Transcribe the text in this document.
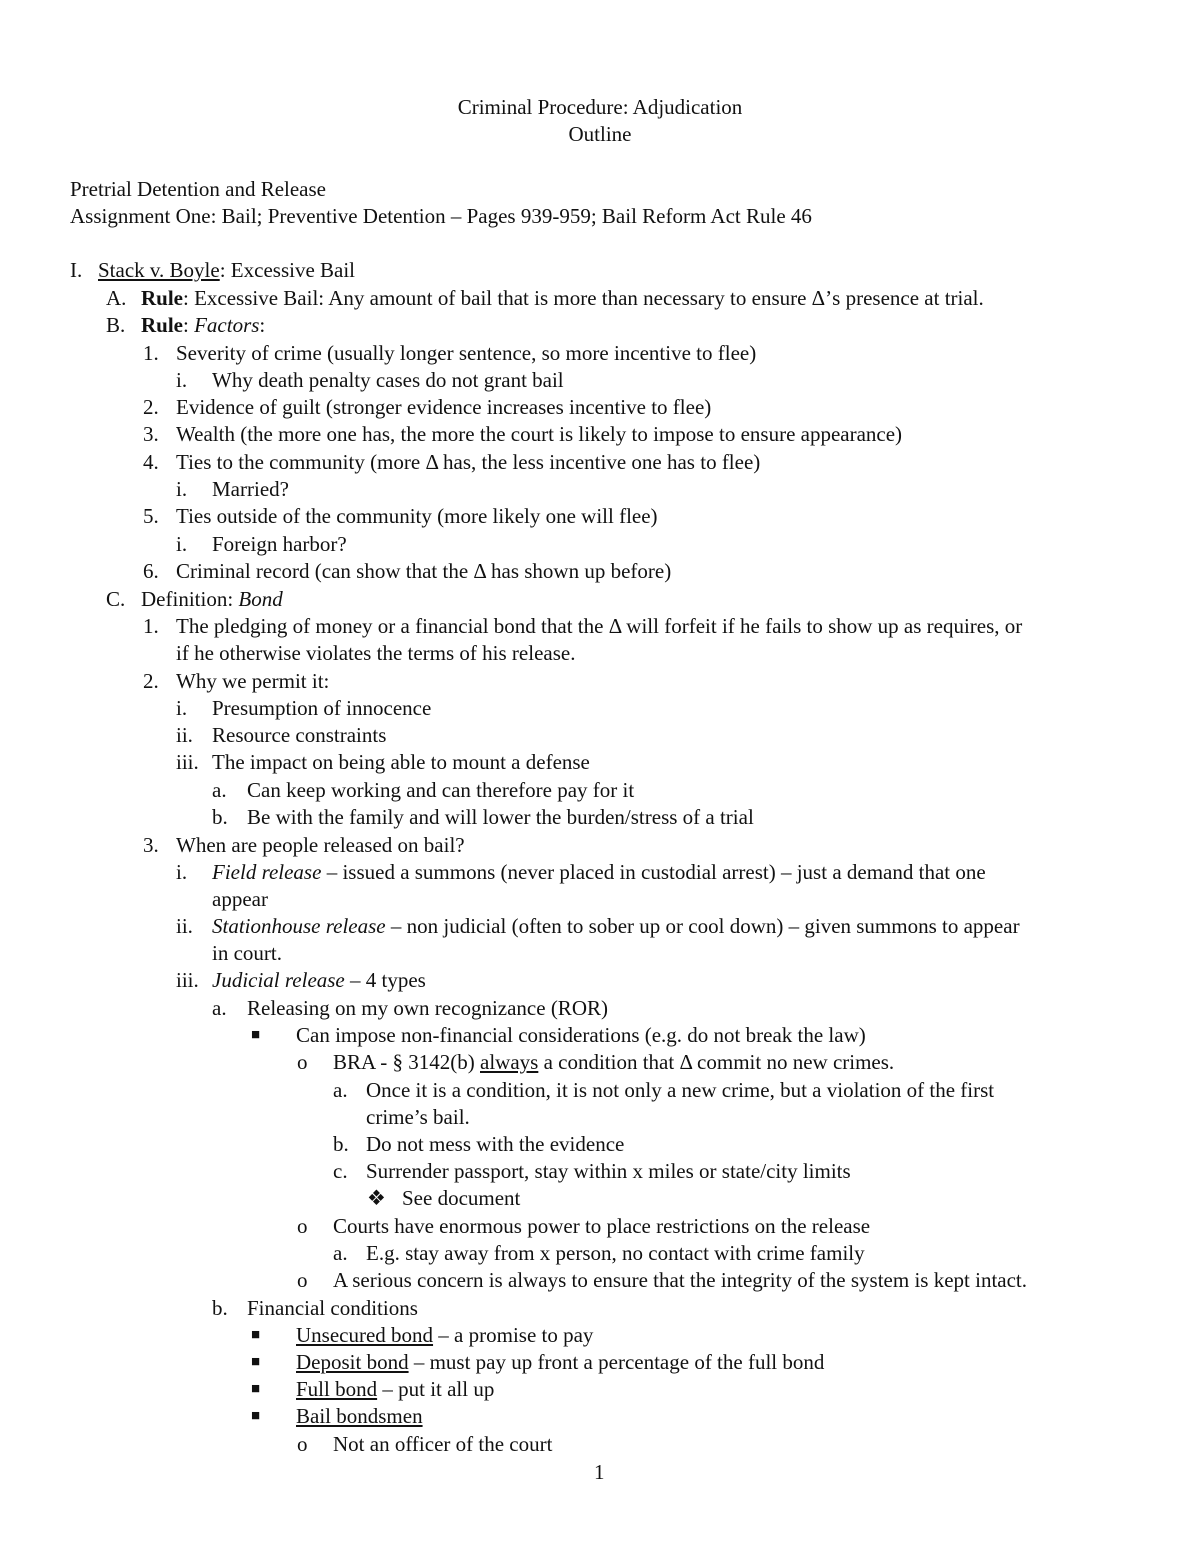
Criminal Procedure: Adjudication
Outline
Pretrial Detention and Release
Assignment One: Bail; Preventive Detention – Pages 939-959; Bail Reform Act Rule 46
I. Stack v. Boyle: Excessive Bail
A. Rule: Excessive Bail: Any amount of bail that is more than necessary to ensure Δ’s presence at trial.
B. Rule: Factors:
1. Severity of crime (usually longer sentence, so more incentive to flee)
i. Why death penalty cases do not grant bail
2. Evidence of guilt (stronger evidence increases incentive to flee)
3. Wealth (the more one has, the more the court is likely to impose to ensure appearance)
4. Ties to the community (more Δ has, the less incentive one has to flee)
i. Married?
5. Ties outside of the community (more likely one will flee)
i. Foreign harbor?
6. Criminal record (can show that the Δ has shown up before)
C. Definition: Bond
1. The pledging of money or a financial bond that the Δ will forfeit if he fails to show up as requires, or
if he otherwise violates the terms of his release.
2. Why we permit it:
i. Presumption of innocence
ii. Resource constraints
iii. The impact on being able to mount a defense
a. Can keep working and can therefore pay for it
b. Be with the family and will lower the burden/stress of a trial
3. When are people released on bail?
i. Field release – issued a summons (never placed in custodial arrest) – just a demand that one
appear
ii. Stationhouse release – non judicial (often to sober up or cool down) – given summons to appear
in court.
iii. Judicial release – 4 types
a. Releasing on my own recognizance (ROR)
■ Can impose non-financial considerations (e.g. do not break the law)
o BRA - § 3142(b) always a condition that Δ commit no new crimes.
a. Once it is a condition, it is not only a new crime, but a violation of the first
crime’s bail.
b. Do not mess with the evidence
c. Surrender passport, stay within x miles or state/city limits
❖ See document
o Courts have enormous power to place restrictions on the release
a. E.g. stay away from x person, no contact with crime family
o A serious concern is always to ensure that the integrity of the system is kept intact.
b. Financial conditions
■ Unsecured bond – a promise to pay
■ Deposit bond – must pay up front a percentage of the full bond
■ Full bond – put it all up
■ Bail bondsmen
o Not an officer of the court
1
